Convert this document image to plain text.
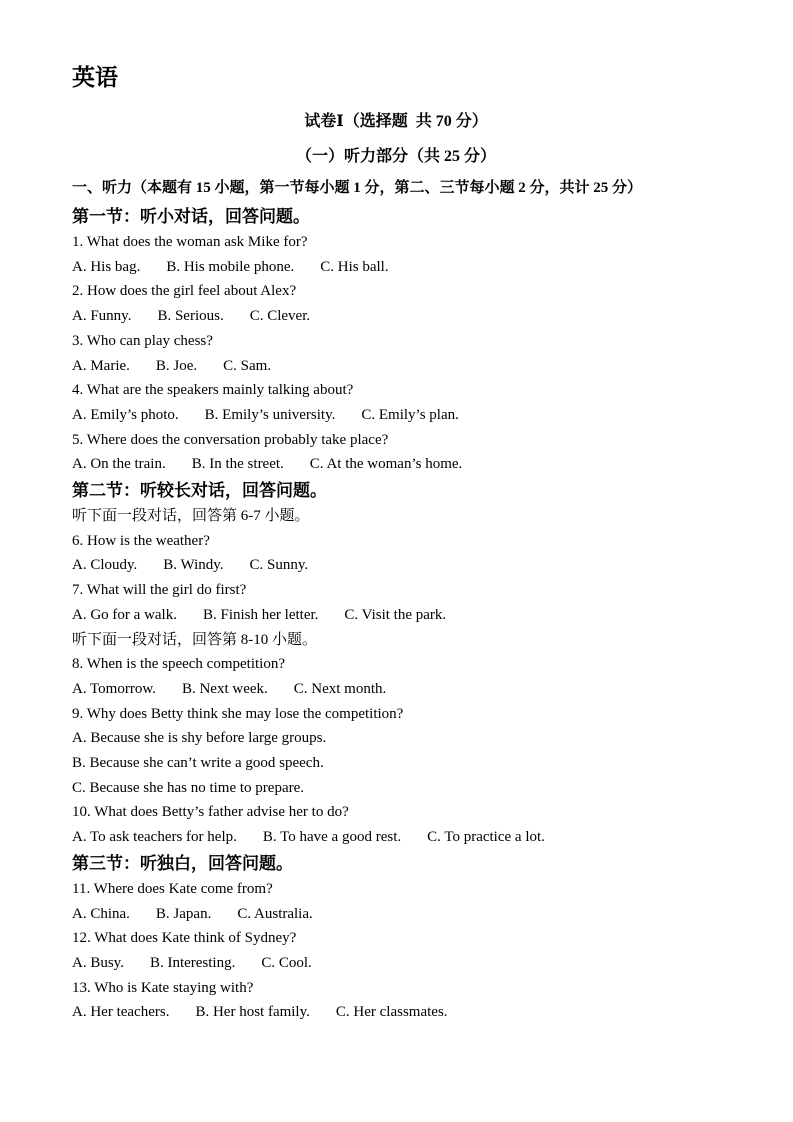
英语
试卷Ⅰ（选择题  共 70 分）
（一）听力部分（共 25 分）
一、听力（本题有 15 小题，第一节每小题 1 分，第二、三节每小题 2 分，共计 25 分）
第一节：听小对话，回答问题。
1. What does the woman ask Mike for?
A. His bag. B. His mobile phone. C. His ball.
2. How does the girl feel about Alex?
A. Funny. B. Serious. C. Clever.
3. Who can play chess?
A. Marie. B. Joe. C. Sam.
4. What are the speakers mainly talking about?
A. Emily’s photo. B. Emily’s university. C. Emily’s plan.
5. Where does the conversation probably take place?
A. On the train. B. In the street. C. At the woman’s home.
第二节：听较长对话，回答问题。
听下面一段对话，回答第 6-7 小题。
6. How is the weather?
A. Cloudy. B. Windy. C. Sunny.
7. What will the girl do first?
A. Go for a walk. B. Finish her letter. C. Visit the park.
听下面一段对话，回答第 8-10 小题。
8. When is the speech competition?
A. Tomorrow. B. Next week. C. Next month.
9. Why does Betty think she may lose the competition?
A. Because she is shy before large groups.
B. Because she can’t write a good speech.
C. Because she has no time to prepare.
10. What does Betty’s father advise her to do?
A. To ask teachers for help. B. To have a good rest. C. To practice a lot.
第三节：听独白，回答问题。
11. Where does Kate come from?
A. China. B. Japan. C. Australia.
12. What does Kate think of Sydney?
A. Busy. B. Interesting. C. Cool.
13. Who is Kate staying with?
A. Her teachers. B. Her host family. C. Her classmates.
